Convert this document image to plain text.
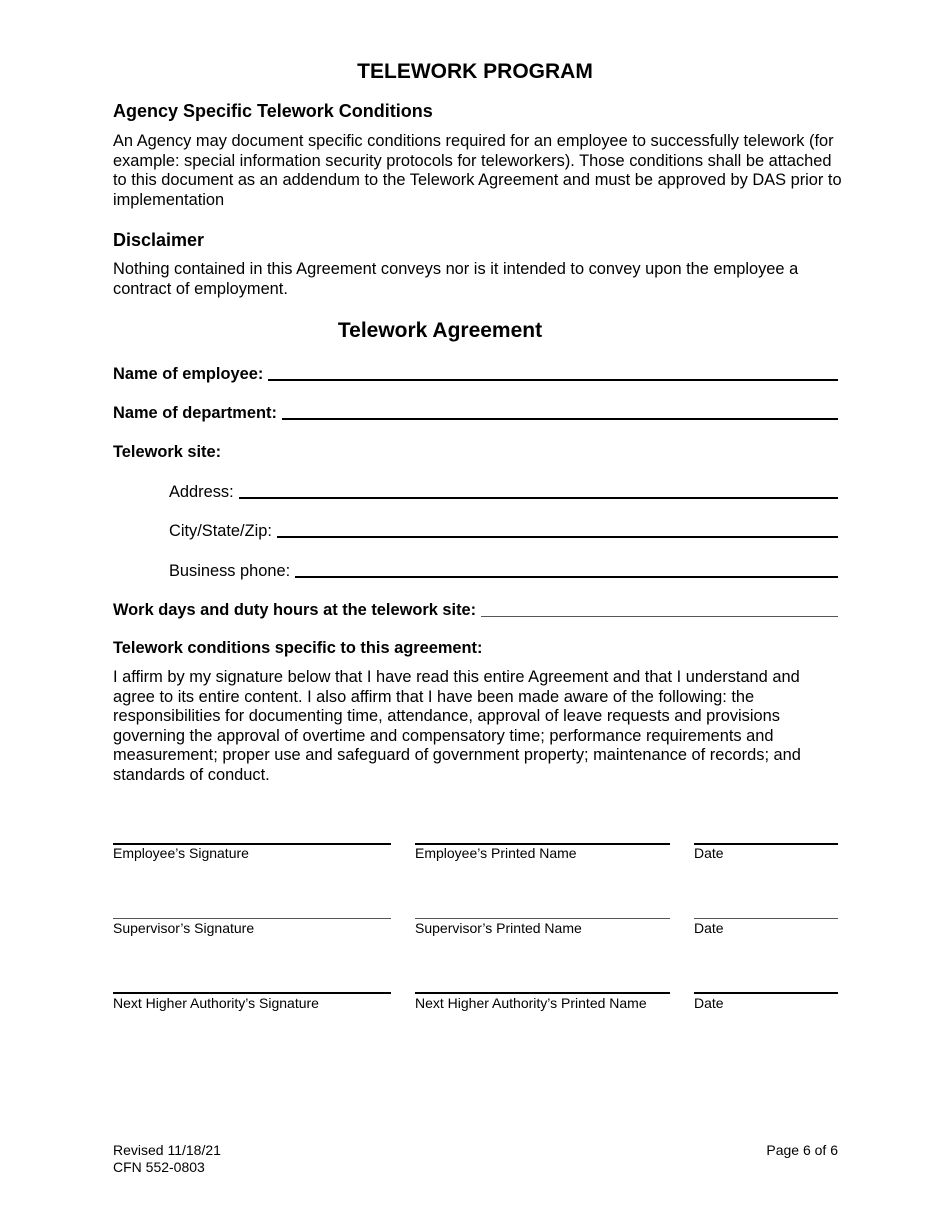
TELEWORK PROGRAM
Agency Specific Telework Conditions
An Agency may document specific conditions required for an employee to successfully telework (for example: special information security protocols for teleworkers). Those conditions shall be attached to this document as an addendum to the Telework Agreement and must be approved by DAS prior to implementation
Disclaimer
Nothing contained in this Agreement conveys nor is it intended to convey upon the employee a contract of employment.
Telework Agreement
Name of employee:
Name of department:
Telework site:
Address:
City/State/Zip:
Business phone:
Work days and duty hours at the telework site:
Telework conditions specific to this agreement:
I affirm by my signature below that I have read this entire Agreement and that I understand and agree to its entire content. I also affirm that I have been made aware of the following: the responsibilities for documenting time, attendance, approval of leave requests and provisions governing the approval of overtime and compensatory time; performance requirements and measurement; proper use and safeguard of government property; maintenance of records; and standards of conduct.
Employee’s Signature	Employee’s Printed Name	Date
Supervisor’s Signature	Supervisor’s Printed Name	Date
Next Higher Authority’s Signature	Next Higher Authority’s Printed Name	Date
Revised 11/18/21
CFN 552-0803
Page 6 of 6
